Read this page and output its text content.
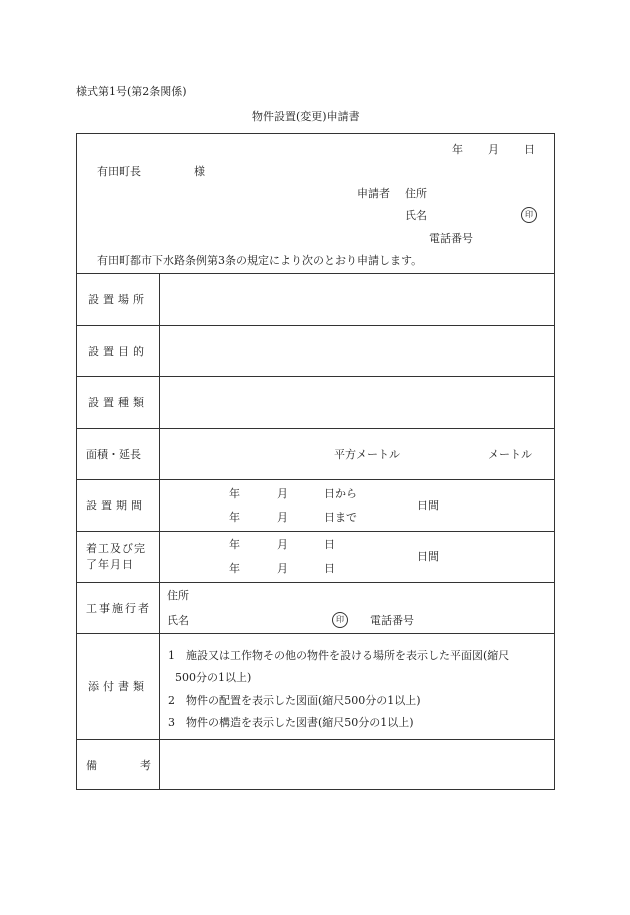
様式第1号(第2条関係)
物件設置(変更)申請書
年 月 日
有田町長	様
申請者 住所
氏名	印
電話番号
有田町都市下水路条例第3条の規定により次のとおり申請します。
設置場所
設置目的
設置種類
面積・延長	平方メートル	メートル
設置期間
年	月	日から
年	月	日まで
日間
着工及び完
了年月日
年	月	日
年	月	日
日間
工事施行者
住所
氏名	印	電話番号
添付書類
1　施設又は工作物その他の物件を設ける場所を表示した平面図(縮尺
500分の1以上)
2　物件の配置を表示した図面(縮尺500分の1以上)
3　物件の構造を表示した図書(縮尺50分の1以上)
備	考
